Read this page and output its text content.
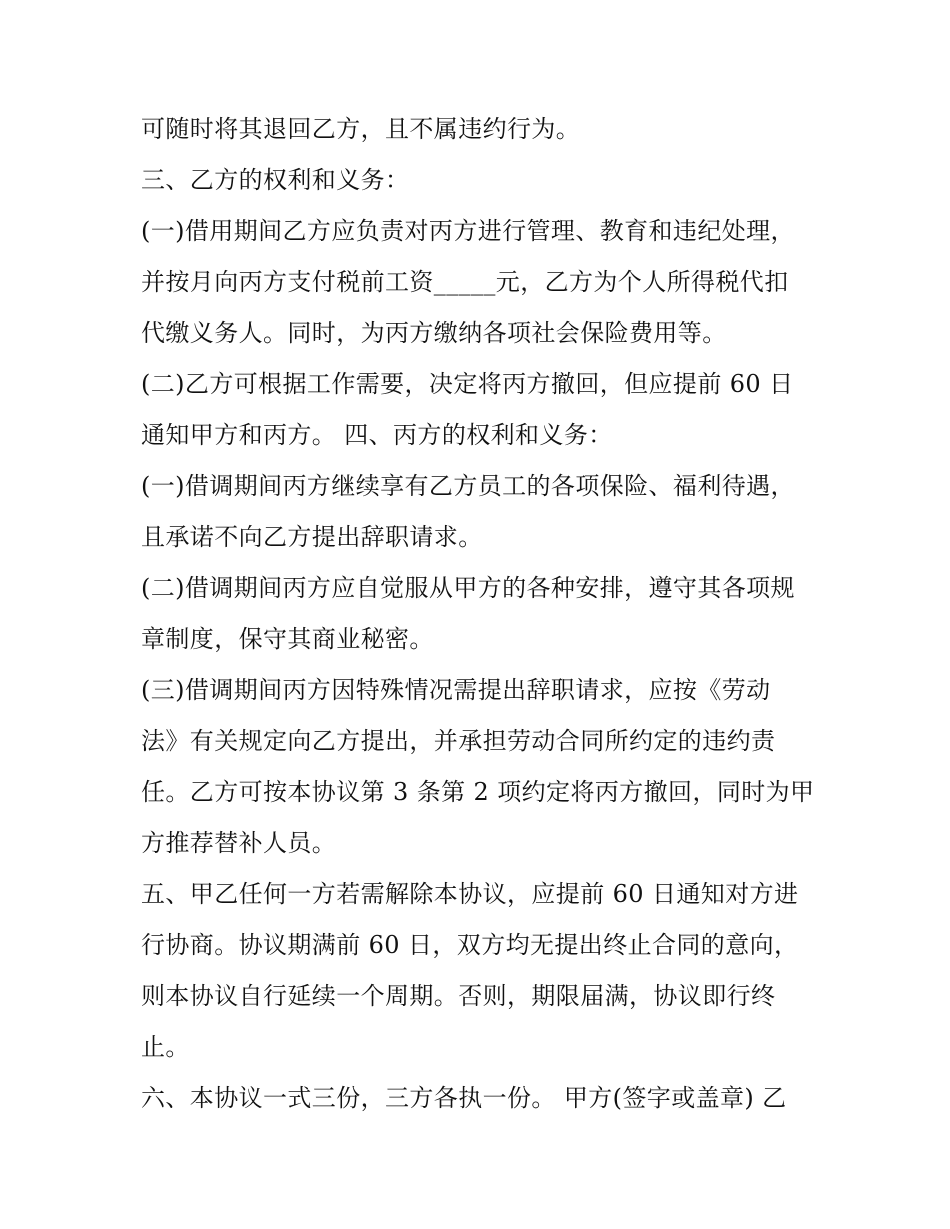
可随时将其退回乙方，且不属违约行为。
三、乙方的权利和义务：
(一)借用期间乙方应负责对丙方进行管理、教育和违纪处理，
并按月向丙方支付税前工资_____元，乙方为个人所得税代扣
代缴义务人。同时，为丙方缴纳各项社会保险费用等。
(二)乙方可根据工作需要，决定将丙方撤回，但应提前 60 日
通知甲方和丙方。 四、丙方的权利和义务：
(一)借调期间丙方继续享有乙方员工的各项保险、福利待遇，
且承诺不向乙方提出辞职请求。
(二)借调期间丙方应自觉服从甲方的各种安排，遵守其各项规
章制度，保守其商业秘密。
(三)借调期间丙方因特殊情况需提出辞职请求，应按《劳动
法》有关规定向乙方提出，并承担劳动合同所约定的违约责
任。乙方可按本协议第 3 条第 2 项约定将丙方撤回，同时为甲
方推荐替补人员。
五、甲乙任何一方若需解除本协议，应提前 60 日通知对方进
行协商。协议期满前 60 日，双方均无提出终止合同的意向，
则本协议自行延续一个周期。否则，期限届满，协议即行终
止。
六、本协议一式三份，三方各执一份。 甲方(签字或盖章) 乙
